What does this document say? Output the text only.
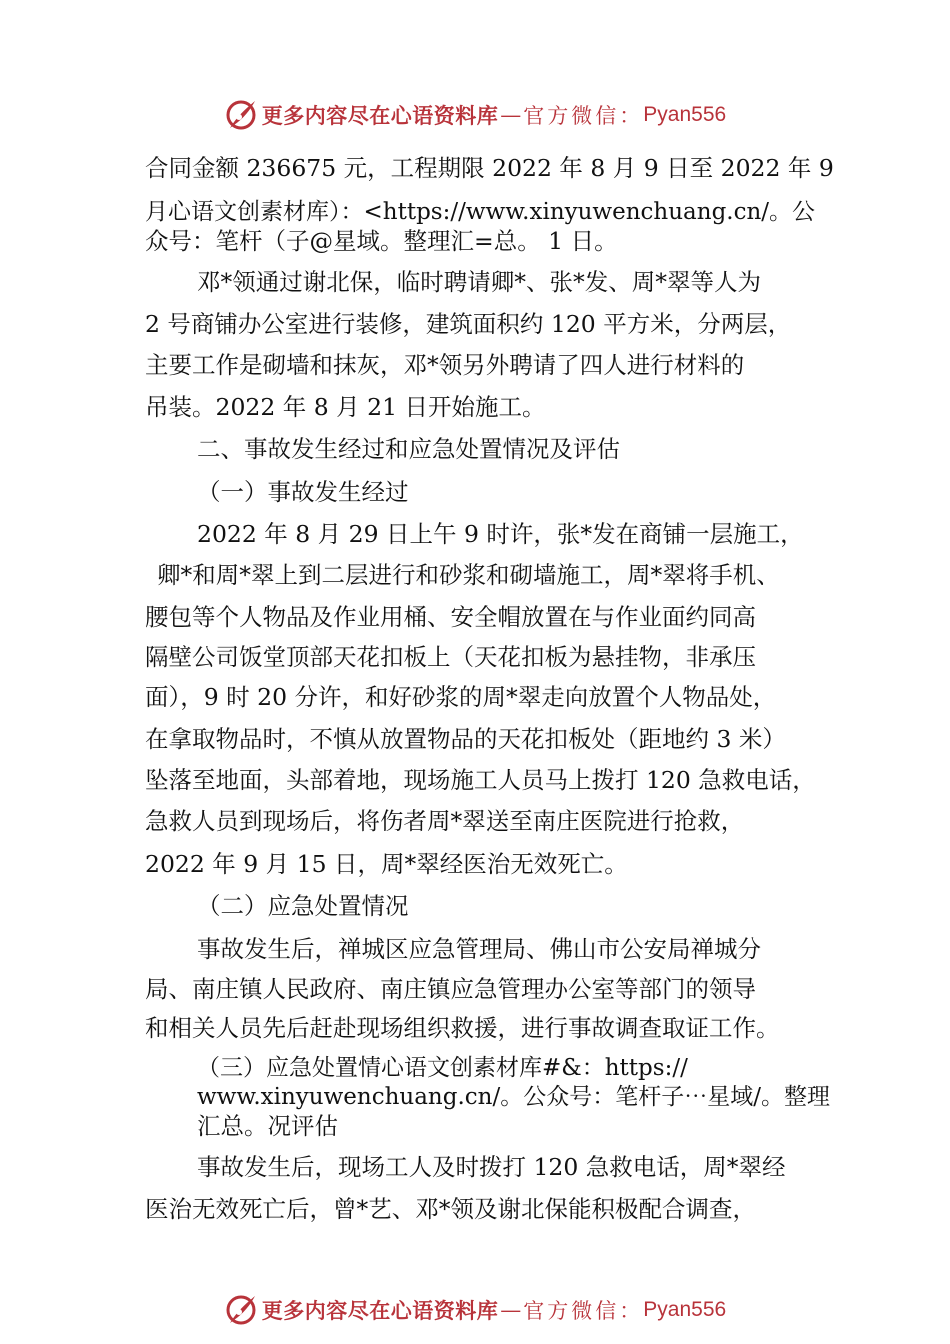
更多内容尽在心语资料库 — 官方微信： Pyan556
合同金额 236675 元，工程期限 2022 年 8 月 9 日至 2022 年 9
月心语文创素材库）：<https://www.xinyuwenchuang.cn/。公
众号：笔杆（子@星域。整理汇=总。 1 日。
邓*领通过谢北保，临时聘请卿*、张*发、周*翠等人为
2 号商铺办公室进行装修，建筑面积约 120 平方米，分两层，
主要工作是砌墙和抹灰，邓*领另外聘请了四人进行材料的
吊装。2022 年 8 月 21 日开始施工。
二、事故发生经过和应急处置情况及评估
（一）事故发生经过
2022 年 8 月 29 日上午 9 时许，张*发在商铺一层施工，
卿*和周*翠上到二层进行和砂浆和砌墙施工，周*翠将手机、
腰包等个人物品及作业用桶、安全帽放置在与作业面约同高
隔壁公司饭堂顶部天花扣板上（天花扣板为悬挂物，非承压
面），9 时 20 分许，和好砂浆的周*翠走向放置个人物品处，
在拿取物品时，不慎从放置物品的天花扣板处（距地约 3 米）
坠落至地面，头部着地，现场施工人员马上拨打 120 急救电话，
急救人员到现场后，将伤者周*翠送至南庄医院进行抢救，
2022 年 9 月 15 日，周*翠经医治无效死亡。
（二）应急处置情况
事故发生后，禅城区应急管理局、佛山市公安局禅城分
局、南庄镇人民政府、南庄镇应急管理办公室等部门的领导
和相关人员先后赶赴现场组织救援，进行事故调查取证工作。
（三）应急处置情心语文创素材库#&：https://
www.xinyuwenchuang.cn/。公众号：笔杆子⋯星域/。整理
汇总。况评估
事故发生后，现场工人及时拨打 120 急救电话，周*翠经
医治无效死亡后，曾*艺、邓*领及谢北保能积极配合调查，
更多内容尽在心语资料库 — 官方微信： Pyan556
